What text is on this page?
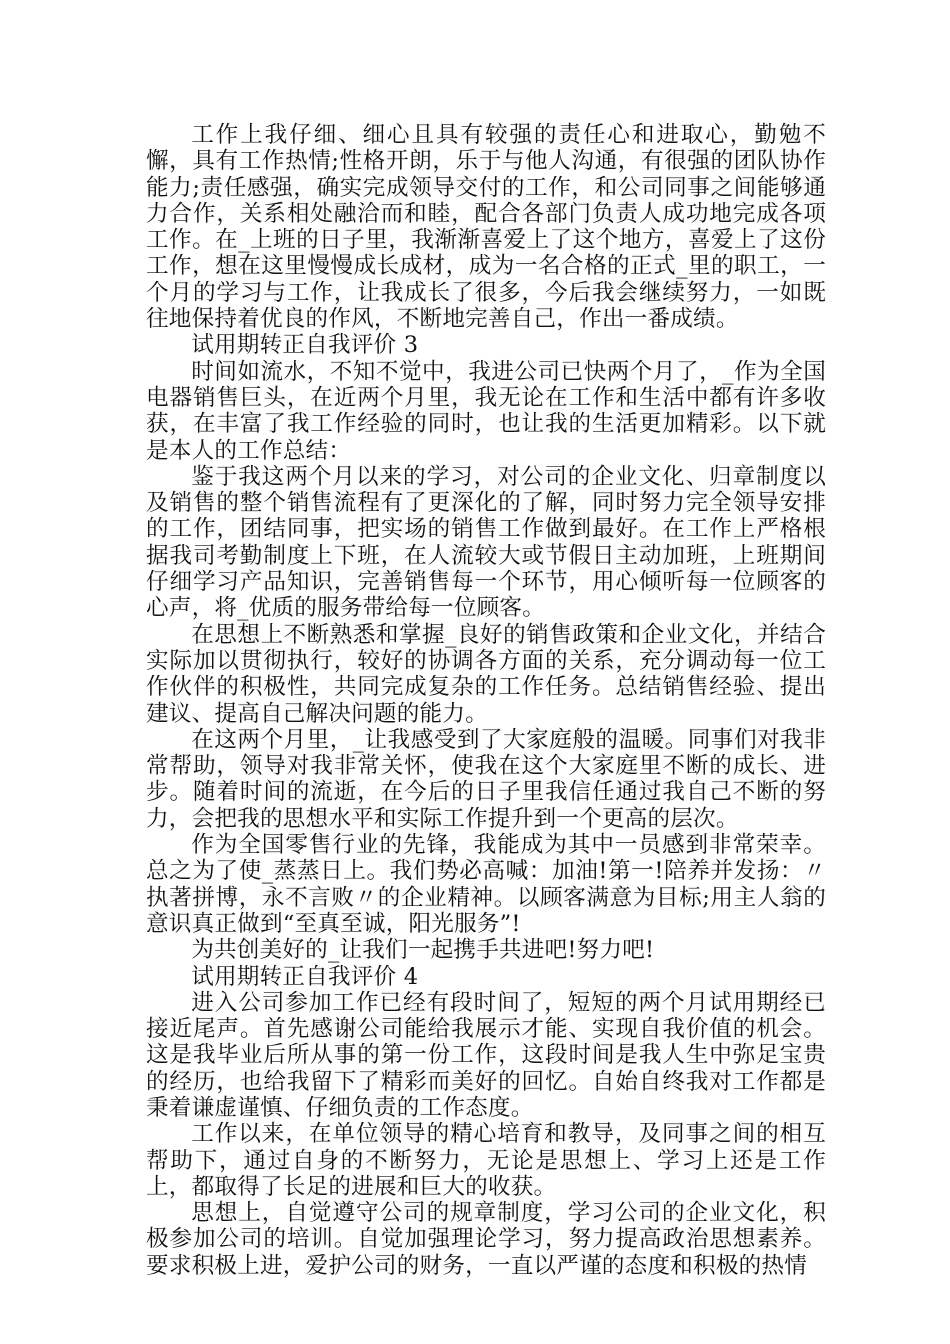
工作上我仔细、细心且具有较强的责任心和进取心，勤勉不懈，具有工作热情;性格开朗，乐于与他人沟通，有很强的团队协作能力;责任感强，确实完成领导交付的工作，和公司同事之间能够通力合作，关系相处融洽而和睦，配合各部门负责人成功地完成各项工作。在_上班的日子里，我渐渐喜爱上了这个地方，喜爱上了这份工作，想在这里慢慢成长成材，成为一名合格的正式_里的职工，一个月的学习与工作，让我成长了很多，今后我会继续努力，一如既往地保持着优良的作风，不断地完善自己，作出一番成绩。

试用期转正自我评价 3

时间如流水，不知不觉中，我进公司已快两个月了，_作为全国电器销售巨头，在近两个月里，我无论在工作和生活中都有许多收获，在丰富了我工作经验的同时，也让我的生活更加精彩。以下就是本人的工作总结：

鉴于我这两个月以来的学习，对公司的企业文化、归章制度以及销售的整个销售流程有了更深化的了解，同时努力完全领导安排的工作，团结同事，把实场的销售工作做到最好。在工作上严格根据我司考勤制度上下班，在人流较大或节假日主动加班，上班期间仔细学习产品知识，完善销售每一个环节，用心倾听每一位顾客的心声，将_优质的服务带给每一位顾客。

在思想上不断熟悉和掌握_良好的销售政策和企业文化，并结合实际加以贯彻执行，较好的协调各方面的关系，充分调动每一位工作伙伴的积极性，共同完成复杂的工作任务。总结销售经验、提出建议、提高自己解决问题的能力。

在这两个月里，_让我感受到了大家庭般的温暖。同事们对我非常帮助，领导对我非常关怀，使我在这个大家庭里不断的成长、进步。随着时间的流逝，在今后的日子里我信任通过我自己不断的努力，会把我的思想水平和实际工作提升到一个更高的层次。

作为全国零售行业的先锋，我能成为其中一员感到非常荣幸。总之为了使_蒸蒸日上。我们势必高喊：加油!第一!陪养并发扬：〃执著拼博，永不言败〃的企业精神。以顾客满意为目标;用主人翁的意识真正做到“至真至诚，阳光服务”!

为共创美好的_让我们一起携手共进吧!努力吧!

试用期转正自我评价 4

进入公司参加工作已经有段时间了，短短的两个月试用期经已接近尾声。首先感谢公司能给我展示才能、实现自我价值的机会。这是我毕业后所从事的第一份工作，这段时间是我人生中弥足宝贵的经历，也给我留下了精彩而美好的回忆。自始自终我对工作都是秉着谦虚谨慎、仔细负责的工作态度。

工作以来，在单位领导的精心培育和教导，及同事之间的相互帮助下，通过自身的不断努力，无论是思想上、学习上还是工作上，都取得了长足的进展和巨大的收获。

思想上，自觉遵守公司的规章制度，学习公司的企业文化，积极参加公司的培训。自觉加强理论学习，努力提高政治思想素养。要求积极上进，爱护公司的财务，一直以严谨的态度和积极的热情
